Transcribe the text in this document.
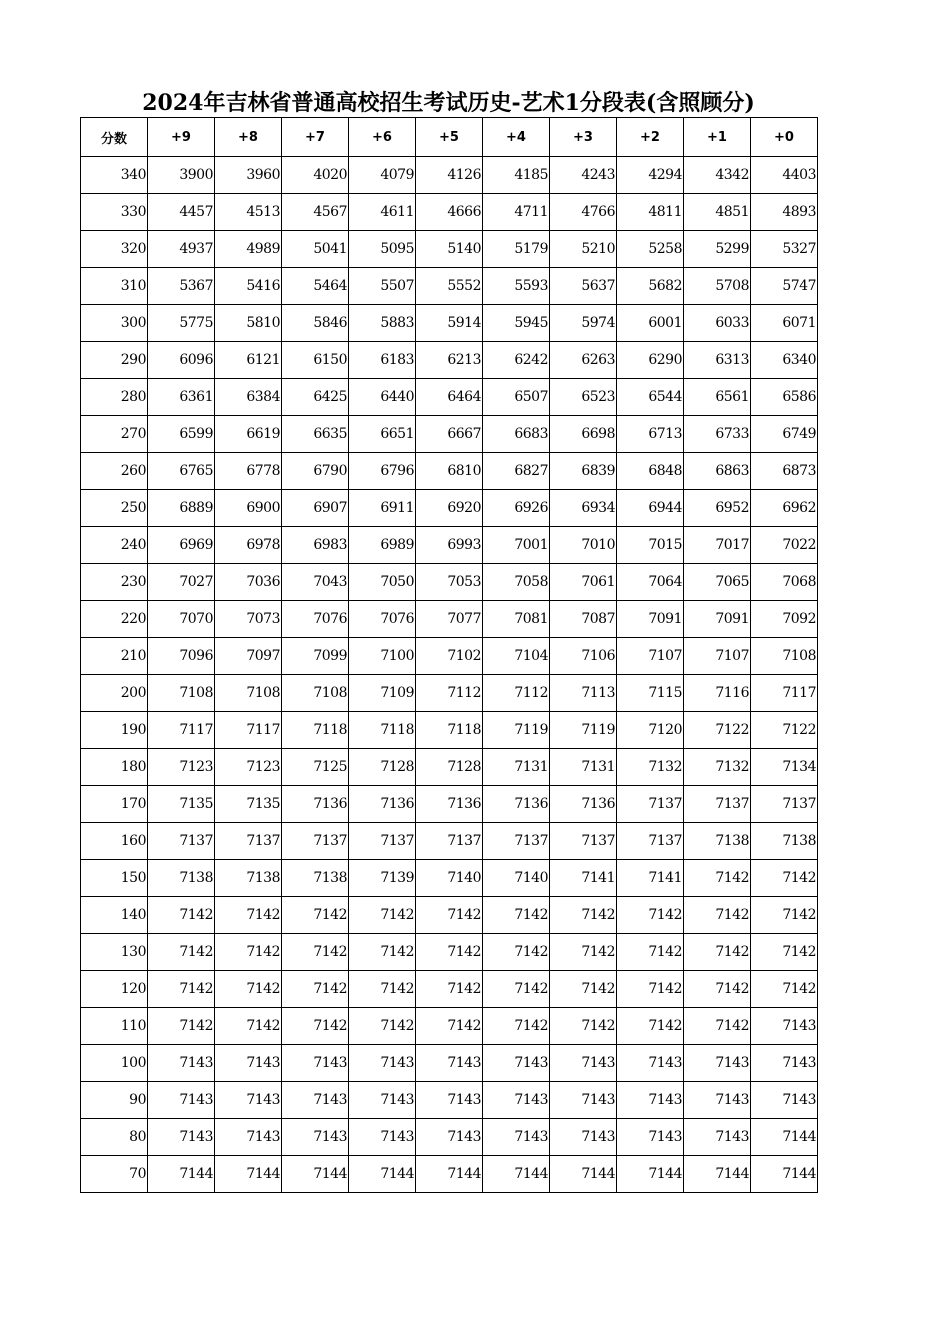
2024年吉林省普通高校招生考试历史-艺术1分段表(含照顾分)
分数	+9	+8	+7	+6	+5	+4	+3	+2	+1	+0
340	3900	3960	4020	4079	4126	4185	4243	4294	4342	4403
330	4457	4513	4567	4611	4666	4711	4766	4811	4851	4893
320	4937	4989	5041	5095	5140	5179	5210	5258	5299	5327
310	5367	5416	5464	5507	5552	5593	5637	5682	5708	5747
300	5775	5810	5846	5883	5914	5945	5974	6001	6033	6071
290	6096	6121	6150	6183	6213	6242	6263	6290	6313	6340
280	6361	6384	6425	6440	6464	6507	6523	6544	6561	6586
270	6599	6619	6635	6651	6667	6683	6698	6713	6733	6749
260	6765	6778	6790	6796	6810	6827	6839	6848	6863	6873
250	6889	6900	6907	6911	6920	6926	6934	6944	6952	6962
240	6969	6978	6983	6989	6993	7001	7010	7015	7017	7022
230	7027	7036	7043	7050	7053	7058	7061	7064	7065	7068
220	7070	7073	7076	7076	7077	7081	7087	7091	7091	7092
210	7096	7097	7099	7100	7102	7104	7106	7107	7107	7108
200	7108	7108	7108	7109	7112	7112	7113	7115	7116	7117
190	7117	7117	7118	7118	7118	7119	7119	7120	7122	7122
180	7123	7123	7125	7128	7128	7131	7131	7132	7132	7134
170	7135	7135	7136	7136	7136	7136	7136	7137	7137	7137
160	7137	7137	7137	7137	7137	7137	7137	7137	7138	7138
150	7138	7138	7138	7139	7140	7140	7141	7141	7142	7142
140	7142	7142	7142	7142	7142	7142	7142	7142	7142	7142
130	7142	7142	7142	7142	7142	7142	7142	7142	7142	7142
120	7142	7142	7142	7142	7142	7142	7142	7142	7142	7142
110	7142	7142	7142	7142	7142	7142	7142	7142	7142	7143
100	7143	7143	7143	7143	7143	7143	7143	7143	7143	7143
90	7143	7143	7143	7143	7143	7143	7143	7143	7143	7143
80	7143	7143	7143	7143	7143	7143	7143	7143	7143	7144
70	7144	7144	7144	7144	7144	7144	7144	7144	7144	7144
